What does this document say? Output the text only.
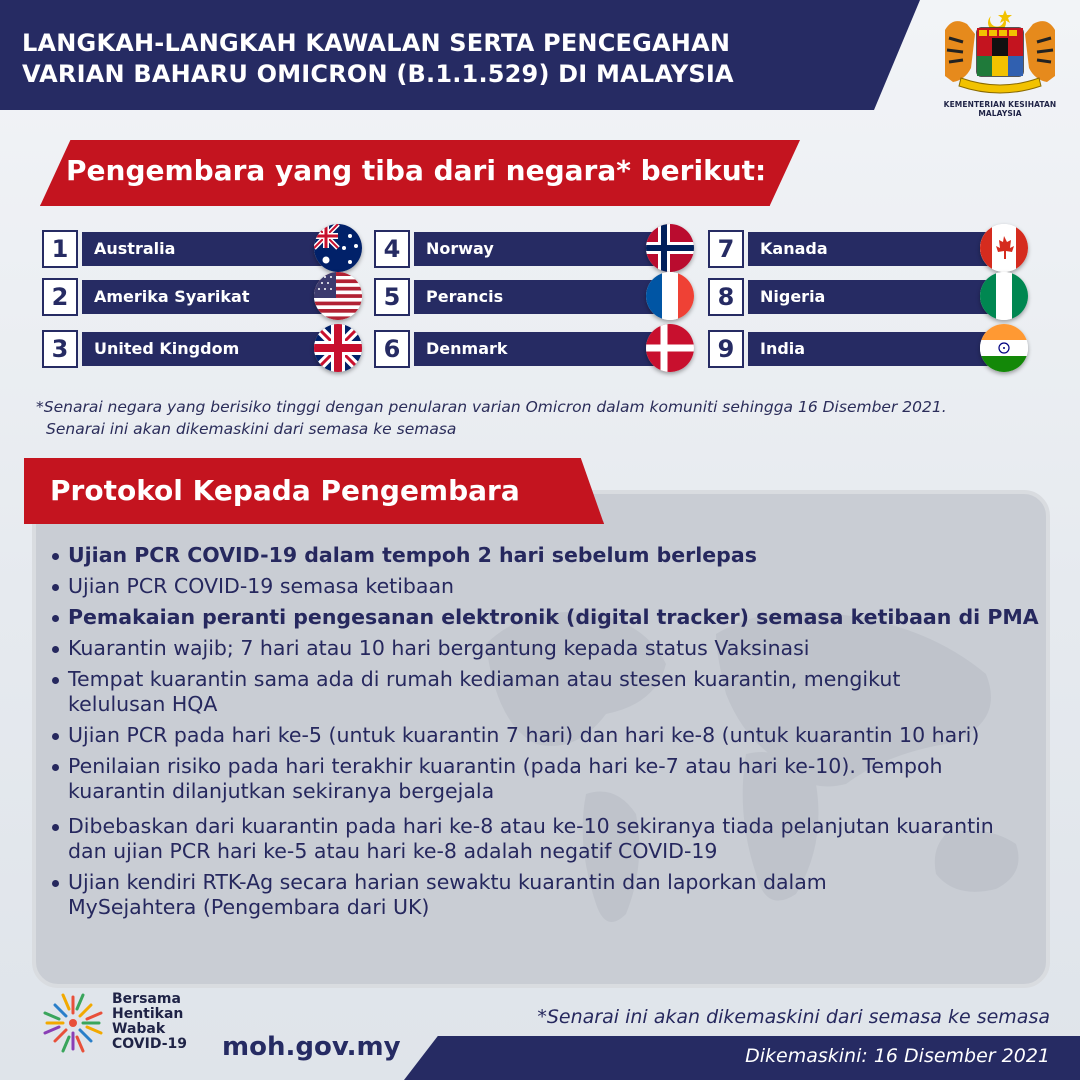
LANGKAH-LANGKAH KAWALAN SERTA PENCEGAHAN
VARIAN BAHARU OMICRON (B.1.1.529) DI MALAYSIA
KEMENTERIAN KESIHATAN MALAYSIA
Pengembara yang tiba dari negara* berikut:
1	Australia
2	Amerika Syarikat
3	United Kingdom
4	Norway
5	Perancis
6	Denmark
7	Kanada
8	Nigeria
9	India
*Senarai negara yang berisiko tinggi dengan penularan varian Omicron dalam komuniti sehingga 16 Disember 2021.
Senarai ini akan dikemaskini dari semasa ke semasa
Protokol Kepada Pengembara
Ujian PCR COVID-19 dalam tempoh 2 hari sebelum berlepas
Ujian PCR COVID-19 semasa ketibaan
Pemakaian peranti pengesanan elektronik (digital tracker) semasa ketibaan di PMA
Kuarantin wajib; 7 hari atau 10 hari bergantung kepada status Vaksinasi
Tempat kuarantin sama ada di rumah kediaman atau stesen kuarantin, mengikut kelulusan HQA
Ujian PCR pada hari ke-5 (untuk kuarantin 7 hari) dan hari ke-8 (untuk kuarantin 10 hari)
Penilaian risiko pada hari terakhir kuarantin (pada hari ke-7 atau hari ke-10). Tempoh kuarantin dilanjutkan sekiranya bergejala
Dibebaskan dari kuarantin pada hari ke-8 atau ke-10 sekiranya tiada pelanjutan kuarantin dan ujian PCR hari ke-5 atau hari ke-8 adalah negatif COVID-19
Ujian kendiri RTK-Ag secara harian sewaktu kuarantin dan laporkan dalam MySejahtera (Pengembara dari UK)
Bersama
Hentikan
Wabak
COVID-19 moh.gov.my
*Senarai ini akan dikemaskini dari semasa ke semasa
Dikemaskini: 16 Disember 2021
